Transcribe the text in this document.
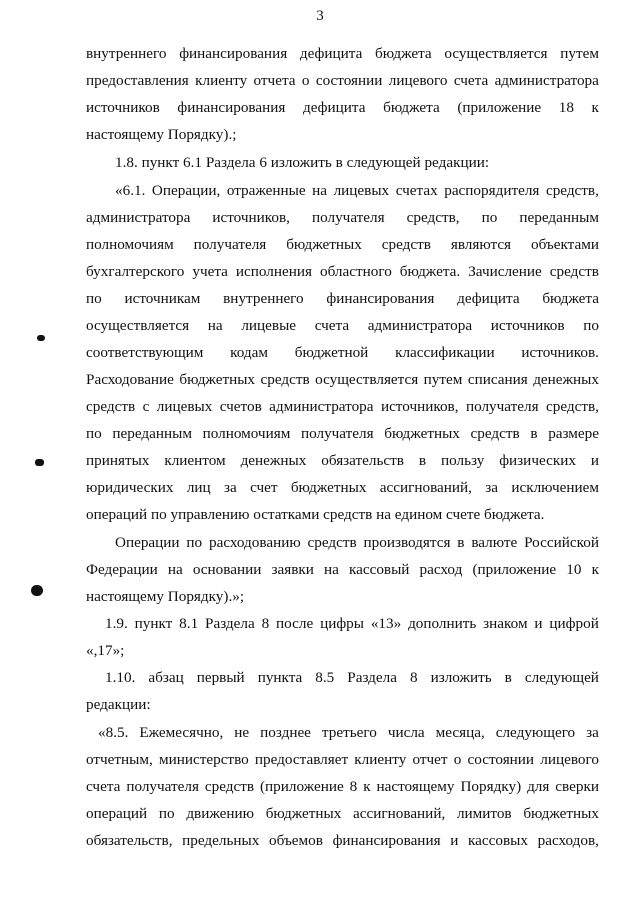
3
внутреннего финансирования дефицита бюджета осуществляется путем
предоставления клиенту отчета о состоянии лицевого счета администратора
источников финансирования дефицита бюджета (приложение 18 к
настоящему Порядку).;
1.8. пункт 6.1 Раздела 6 изложить в следующей редакции:
«6.1. Операции, отраженные на лицевых счетах распорядителя средств,
администратора источников, получателя средств, по переданным
полномочиям получателя бюджетных средств являются объектами
бухгалтерского учета исполнения областного бюджета. Зачисление средств
по источникам внутреннего финансирования дефицита бюджета
осуществляется на лицевые счета администратора источников по
соответствующим кодам бюджетной классификации источников.
Расходование бюджетных средств осуществляется путем списания денежных
средств с лицевых счетов администратора источников, получателя средств,
по переданным полномочиям получателя бюджетных средств в размере
принятых клиентом денежных обязательств в пользу физических и
юридических лиц за счет бюджетных ассигнований, за исключением
операций по управлению остатками средств на едином счете бюджета.
Операции по расходованию средств производятся в валюте Российской
Федерации на основании заявки на кассовый расход (приложение 10 к
настоящему Порядку).»;
1.9. пункт 8.1 Раздела 8 после цифры «13» дополнить знаком и цифрой
«,17»;
1.10. абзац первый пункта 8.5 Раздела 8 изложить в следующей
редакции:
«8.5. Ежемесячно, не позднее третьего числа месяца, следующего за
отчетным, министерство предоставляет клиенту отчет о состоянии лицевого
счета получателя средств (приложение 8 к настоящему Порядку) для сверки
операций по движению бюджетных ассигнований, лимитов бюджетных
обязательств, предельных объемов финансирования и кассовых расходов,
